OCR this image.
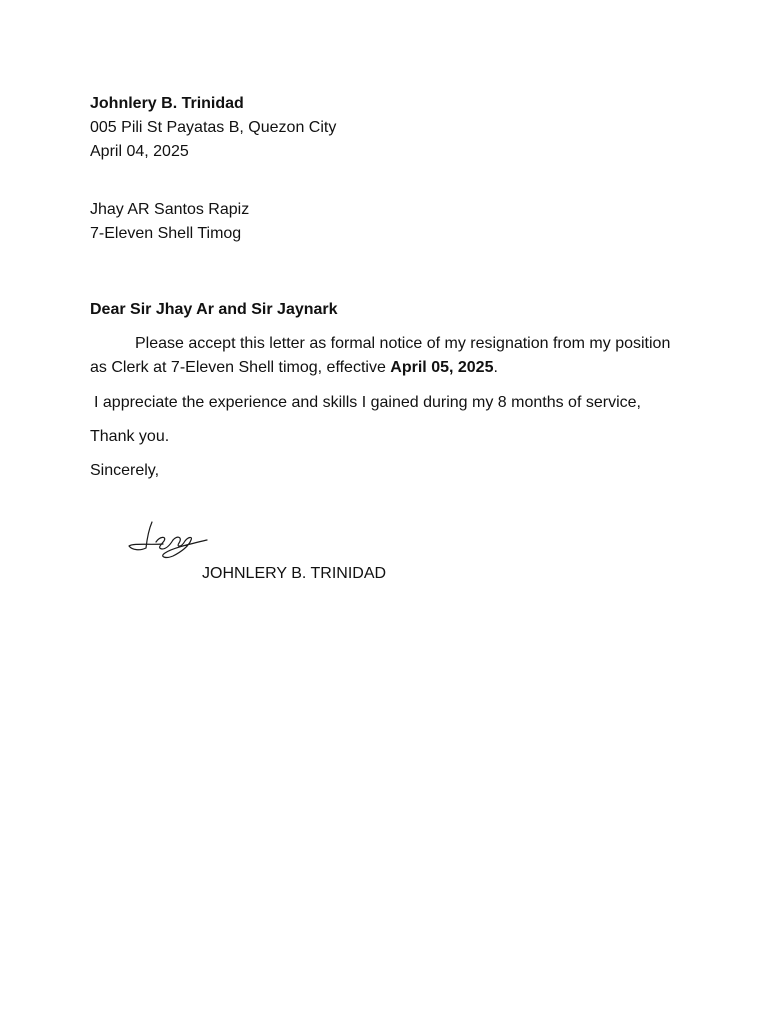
Johnlery B. Trinidad
005 Pili St Payatas B, Quezon City
April 04, 2025
Jhay AR Santos Rapiz
7-Eleven Shell Timog
Dear Sir Jhay Ar and Sir Jaynark
Please accept this letter as formal notice of my resignation from my position
as Clerk at 7-Eleven Shell timog, effective April 05, 2025.
I appreciate the experience and skills I gained during my 8 months of service,
Thank you.
Sincerely,
JOHNLERY B. TRINIDAD
